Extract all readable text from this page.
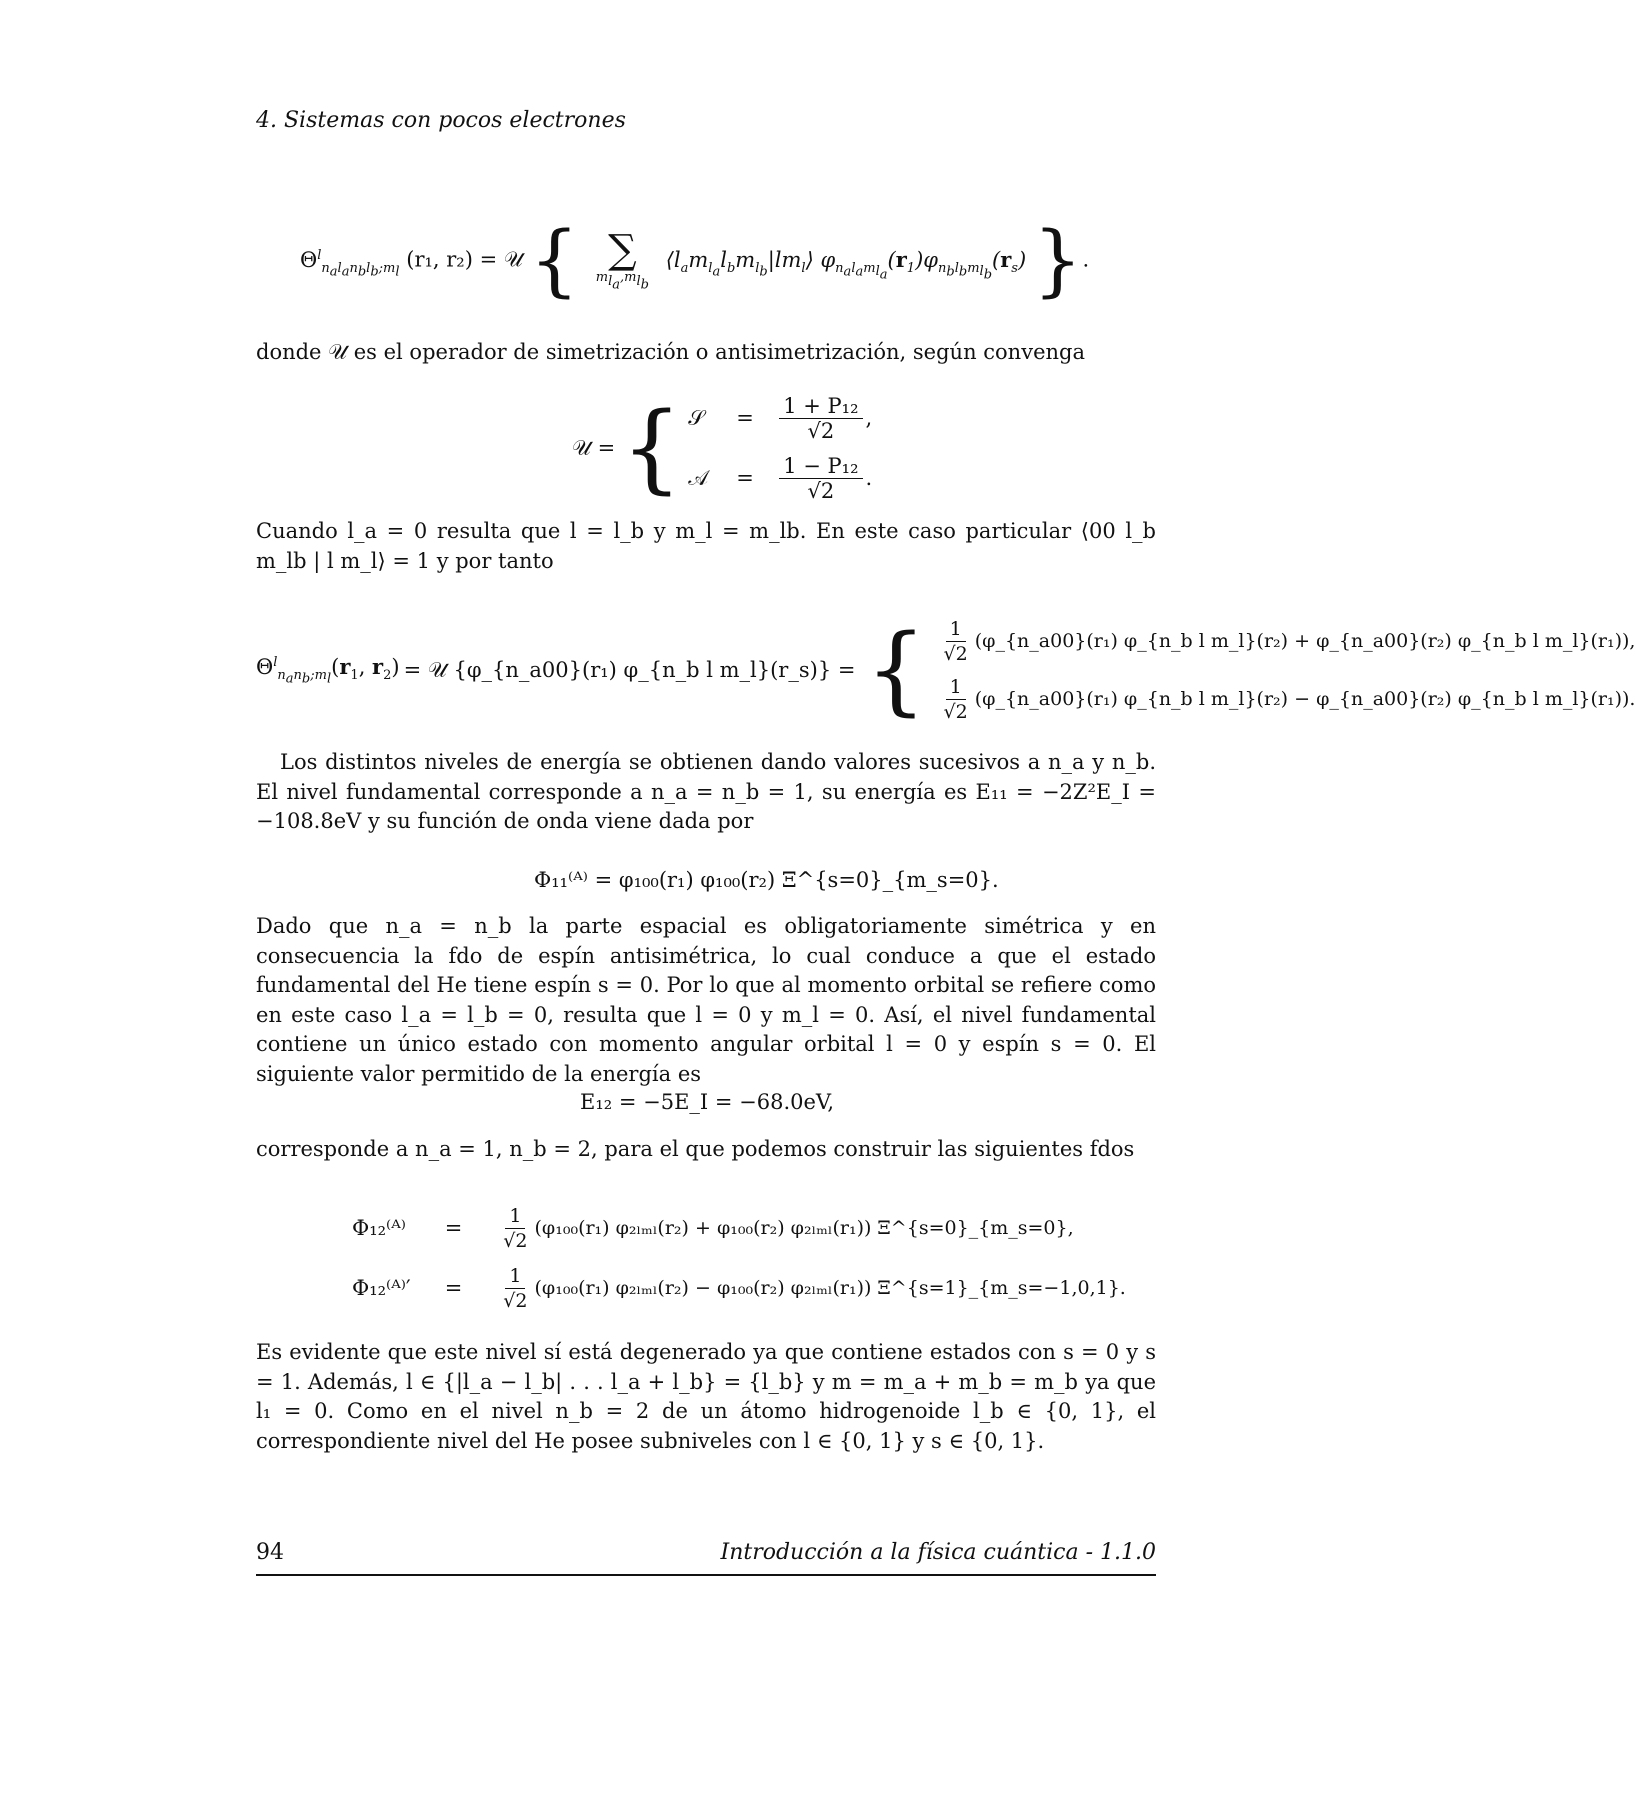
4. Sistemas con pocos electrones
$\Theta^l_{n_al_an_bl_b;m_l}$ (r₁, r₂) = 𝒰 { ∑
$m_{l_a},m_{l_b}$
$⟨l_am_{l_a}l_bm_{l_b}|lm_l⟩$ $\varphi_{n_al_am_{l_a}}(r_1)\varphi_{n_bl_bm_{l_b}}(r_s)$ }.
donde 𝒰 es el operador de simetrización o antisimetrización, según convenga
𝒰 = { 𝒮	=	$\frac{\text{1 + P₁₂}}{√2}$ ,
𝒜	=	$\frac{\text{1 − P₁₂}}{√2}$ .
Cuando l_a = 0 resulta que l = l_b y m_l = m_lb. En este caso particular ⟨00 l_b m_lb | l m_l⟩ = 1 y por tanto
$\Theta^l_{n_an_b;m_l}(r_1$, $r_2$) = 𝒰 {φ_{n_a00}(r₁) φ_{n_b l m_l}(r_s)} = { $\frac{1}{√2}$ (φ_{n_a00}(r₁) φ_{n_b l m_l}(r₂) + φ_{n_a00}(r₂) φ_{n_b l m_l}(r₁)),
$\frac{1}{√2}$ (φ_{n_a00}(r₁) φ_{n_b l m_l}(r₂) − φ_{n_a00}(r₂) φ_{n_b l m_l}(r₁)).
Los distintos niveles de energía se obtienen dando valores sucesivos a n_a y n_b. El nivel fundamental corresponde a n_a = n_b = 1, su energía es E₁₁ = −2Z²E_I = −108.8eV y su función de onda viene dada por
Φ₁₁⁽ᴬ⁾ = φ₁₀₀(r₁) φ₁₀₀(r₂) Ξ^{s=0}_{m_s=0}.
Dado que n_a = n_b la parte espacial es obligatoriamente simétrica y en consecuencia la fdo de espín antisimétrica, lo cual conduce a que el estado fundamental del He tiene espín s = 0. Por lo que al momento orbital se refiere como en este caso l_a = l_b = 0, resulta que l = 0 y m_l = 0. Así, el nivel fundamental contiene un único estado con momento angular orbital l = 0 y espín s = 0. El siguiente valor permitido de la energía es
E₁₂ = −5E_I = −68.0eV,
corresponde a n_a = 1, n_b = 2, para el que podemos construir las siguientes fdos
Φ₁₂⁽ᴬ⁾	=	$\frac{1}{√2} (\varphi_{100}(r_1) \varphi_{2lml}(r_2) + \varphi_{100}(r_2)$ φ₂ₗₘₗ(r₁)) Ξ^{s=0}_{m_s=0},
Φ₁₂⁽ᴬ⁾′	=	$\frac{1}{√2} (\varphi_{100}(r_1) \varphi_{2lml}(r_2) - \varphi_{100}(r_2)$ φ₂ₗₘₗ(r₁)) Ξ^{s=1}_{m_s=−1,0,1}.
Es evidente que este nivel sí está degenerado ya que contiene estados con s = 0 y s = 1. Además, l ∈ {|l_a − l_b| . . . l_a + l_b} = {l_b} y m = m_a + m_b = m_b ya que l₁ = 0. Como en el nivel n_b = 2 de un átomo hidrogenoide l_b ∈ {0, 1}, el correspondiente nivel del He posee subniveles con l ∈ {0, 1} y s ∈ {0, 1}.
94	Introducción a la física cuántica - 1.1.0
